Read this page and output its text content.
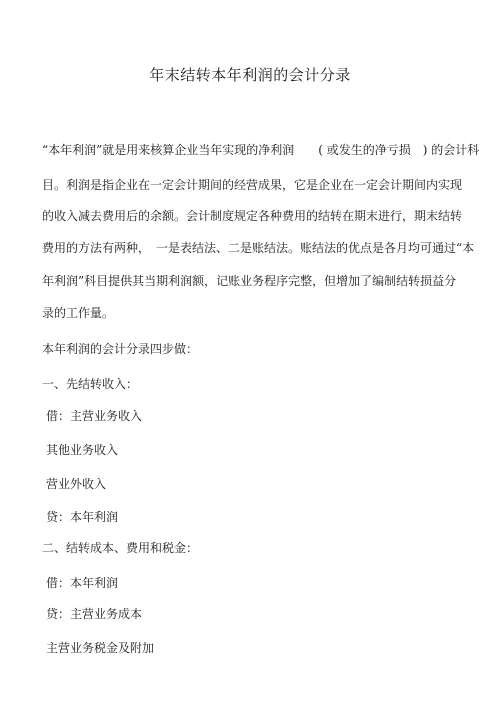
年末结转本年利润的会计分录
“本年利润”就是用来核算企业当年实现的净利润　　( 或发生的净亏损　) 的会计科
目。利润是指企业在一定会计期间的经营成果，它是企业在一定会计期间内实现
的收入减去费用后的余额。会计制度规定各种费用的结转在期末进行，期末结转
费用的方法有两种，　一是表结法、二是账结法。账结法的优点是各月均可通过“本
年利润”科目提供其当期利润额，记账业务程序完整，但增加了编制结转损益分
录的工作量。
本年利润的会计分录四步做：
一、先结转收入：
借：主营业务收入
其他业务收入
营业外收入
贷：本年利润
二、结转成本、费用和税金：
借：本年利润
贷：主营业务成本
主营业务税金及附加
